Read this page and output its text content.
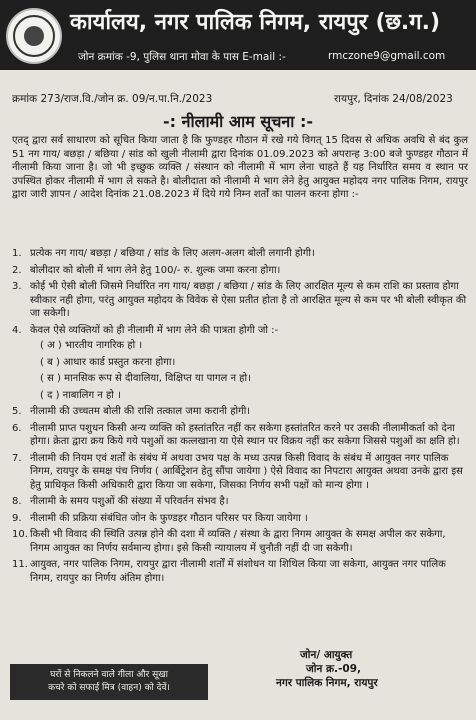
कार्यालय, नगर पालिक निगम, रायपुर (छ.ग.)
जोन क्रमांक -9, पुलिस थाना मोवा के पास E-mail :-	rmczone9@gmail.com
क्रमांक 273/राज.वि./जोन क्र. 09/न.पा.नि./2023	रायपुर, दिनांक 24/08/2023
-: नीलामी आम सूचना :-
एतद् द्वारा सर्व साधारण को सूचित किया जाता है कि फुण्डहर गौठान में रखे गये विगत् 15 दिवस से अधिक अवधि से बंद कुल 51 नग गाय/ बछड़ा / बछिया / सांड को खुली नीलामी द्वारा दिनांक 01.09.2023 को अपरान्ह 3:00 बजे फुण्डहर गौठान में नीलामी किया जाना है। जो भी इच्छुक व्यक्ति / संस्थान को नीलामी में भाग लेना चाहते हैं यह निर्धारित समय व स्थान पर उपस्थित होकर नीलामी में भाग ले सकते है। बोलीदाता को नीलामी मे भाग लेने हेतु आयुक्त महोदय नगर पालिक निगम, रायपुर द्वारा जारी ज्ञापन / आदेश दिनांक 21.08.2023 में दिये गये निम्न शर्तों का पालन करना होगा :-
1. प्रत्येक नग गाय/ बछड़ा / बछिया / सांड के लिए अलग-अलग बोली लगानी होगी।
2. बोलीदार को बोली में भाग लेने हेतु 100/- रु. शुल्क जमा करना होगा।
3. कोई भी ऐसी बोली जिसमे निर्धारित नग गाय/ बछड़ा / बछिया / सांड के लिए आरक्षित मूल्य से कम राशि का प्रस्ताव होगा स्वीकार नही होगा, परंतु आयुक्त महोदय के विवेक से ऐसा प्रतीत होता है तो आरक्षित मूल्य से कम पर भी बोली स्वीकृत की जा सकेगी।
4. केवल ऐसे व्यक्तियों को ही नीलामी में भाग लेने की पात्रता होगी जो :-
( अ ) भारतीय नागरिक हो ।
( ब ) आधार कार्ड प्रस्तुत करना होगा।
( स ) मानसिक रूप से दीवालिया, विक्षिप्त या पागल न हो।
( द ) नाबालिग न हो ।
5. नीलामी की उच्चतम बोली की राशि तत्काल जमा करानी होगी।
6. नीलामी प्राप्त पशुधन किसी अन्य व्यक्ति को हस्तांतरित नहीं कर सकेगा हस्तांतरित करने पर उसकी नीलामीकर्ता को देना होगा। क्रेता द्वारा क्रय किये गये पशुओं का कत्लखाना या ऐसे स्थान पर विक्रय नहीं कर सकेगा जिससे पशुओं का क्षति हो।
7. नीलामी की नियम एवं शर्तों के संबंध में अथवा उभय पक्ष के मध्य उत्पन्न किसी विवाद के संबंध में आयुक्त नगर पालिक निगम, रायपुर के समक्ष पंच निर्णय ( आर्बिट्रेशन हेतु सौंपा जायेगा ) ऐसे विवाद का निपटारा आयुक्त अथवा उनके द्वारा इस हेतु प्राधिकृत किसी अधिकारी द्वारा किया जा सकेगा, जिसका निर्णय सभी पक्षों को मान्य होगा ।
8. नीलामी के समय पशुओं की संख्या में परिवर्तन संभव है।
9. नीलामी की प्रक्रिया संबंधित जोन के फुण्डहर गौठान परिसर पर किया जायेगा ।
10. किसी भी विवाद की स्थिति उत्पन्न होने की दशा में व्यक्ति / संस्था के द्वारा निगम आयुक्त के समक्ष अपील कर सकेगा, निगम आयुक्त का निर्णय सर्वमान्य होगा। इसे किसी न्यायालय में चुनौती नहीं दी जा सकेगी।
11. आयुक्त, नगर पालिक निगम, रायपुर द्वारा नीलामी शर्तों में संशोधन या शिथिल किया जा सकेगा, आयुक्त नगर पालिक निगम, रायपुर का निर्णय अंतिम होगा।
घरों से निकलने वाले गीला और सूखा
कचरे को सफाई मित्र (वाहन) को देवें।
जोन/ आयुक्त
जोन क्र.-09,
नगर पालिक निगम, रायपुर
